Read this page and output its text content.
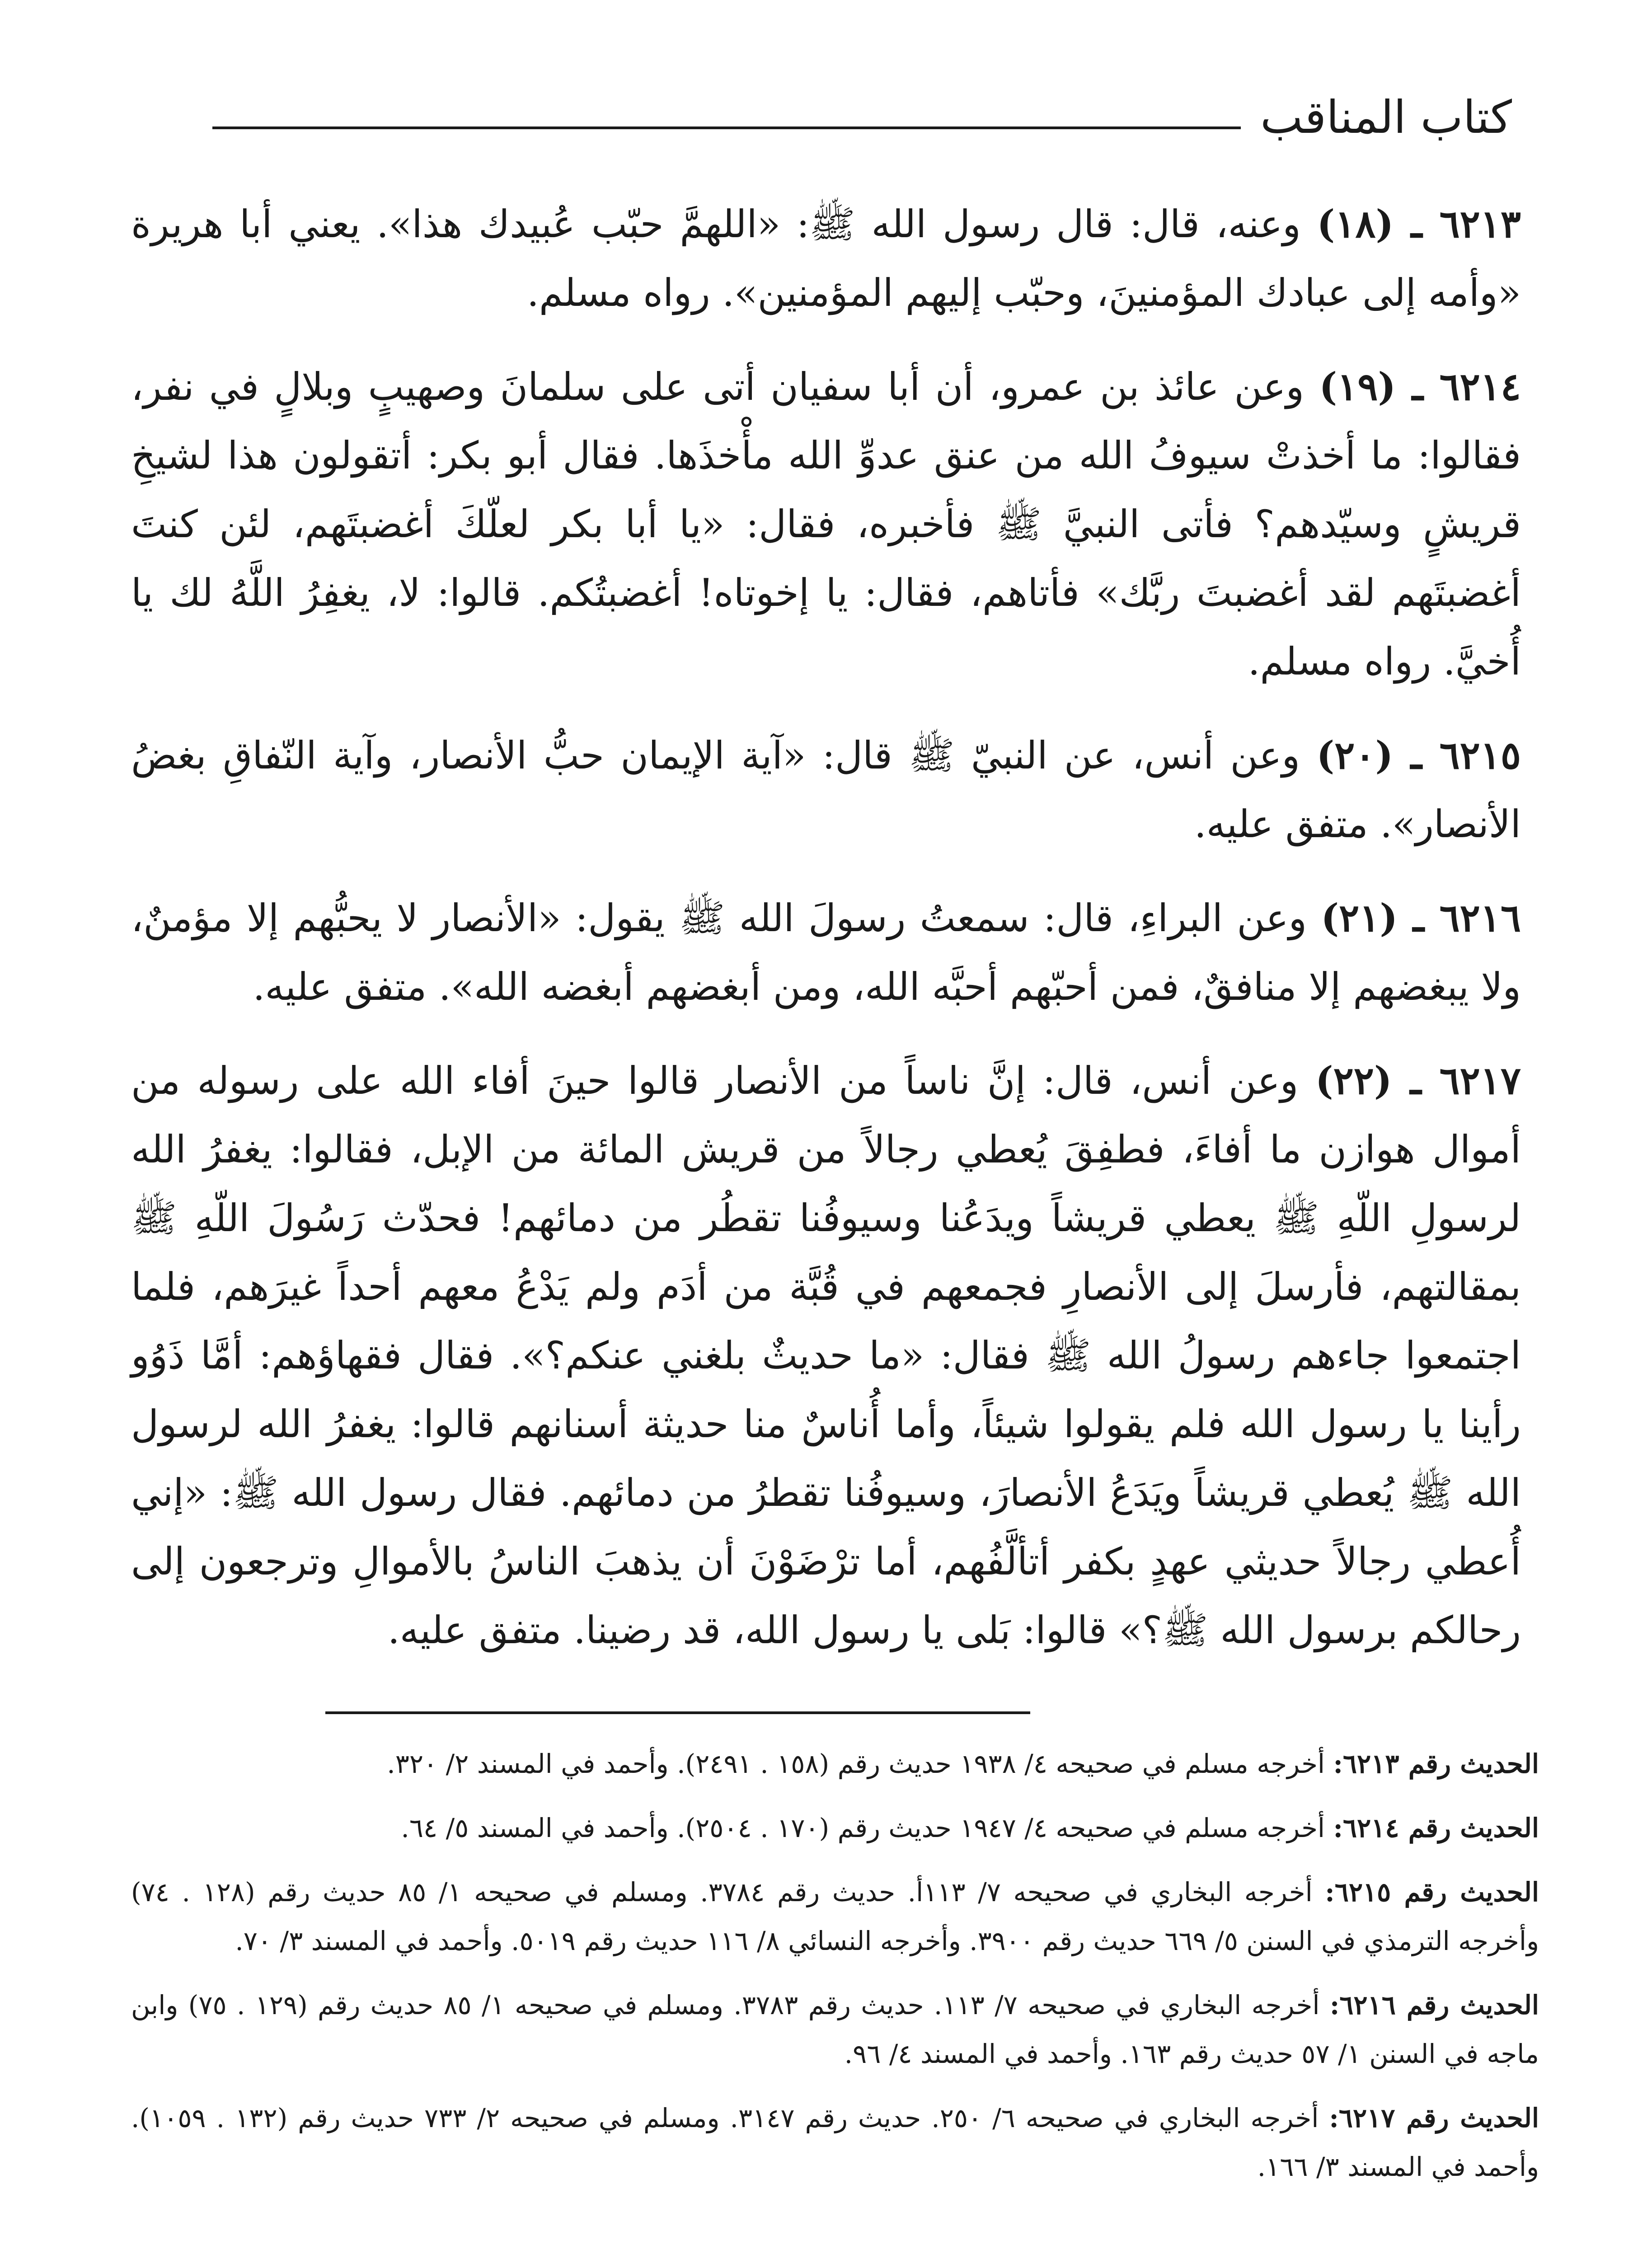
كتاب المناقب

٦٢١٣ ـ (١٨) وعنه، قال: قال رسول الله ﷺ: «اللهمَّ حبّب عُبيدك هذا». يعني أبا هريرة «وأمه إلى عبادك المؤمنينَ، وحبّب إليهم المؤمنين». رواه مسلم.

٦٢١٤ ـ (١٩) وعن عائذ بن عمرو، أن أبا سفيان أتى على سلمانَ وصهيبٍ وبلالٍ في نفر، فقالوا: ما أخذتْ سيوفُ الله من عنق عدوِّ الله مأْخذَها. فقال أبو بكر: أتقولون هذا لشيخِ قريشٍ وسيّدهم؟ فأتى النبيَّ ﷺ فأخبره، فقال: «يا أبا بكر لعلّكَ أغضبتَهم، لئن كنتَ أغضبتَهم لقد أغضبتَ ربَّك» فأتاهم، فقال: يا إخوتاه! أغضبتُكم. قالوا: لا، يغفِرُ اللَّهُ لك يا أُخيَّ. رواه مسلم.

٦٢١٥ ـ (٢٠) وعن أنس، عن النبيّ ﷺ قال: «آية الإيمان حبُّ الأنصار، وآية النّفاقِ بغضُ الأنصار». متفق عليه.

٦٢١٦ ـ (٢١) وعن البراءِ، قال: سمعتُ رسولَ الله ﷺ يقول: «الأنصار لا يحبُّهم إلا مؤمنٌ، ولا يبغضهم إلا منافقٌ، فمن أحبّهم أحبَّه الله، ومن أبغضهم أبغضه الله». متفق عليه.

٦٢١٧ ـ (٢٢) وعن أنس، قال: إنَّ ناساً من الأنصار قالوا حينَ أفاء الله على رسوله من أموال هوازن ما أفاءَ، فطفِقَ يُعطي رجالاً من قريش المائة من الإبل، فقالوا: يغفرُ الله لرسولِ اللّهِ ﷺ يعطي قريشاً ويدَعُنا وسيوفُنا تقطُر من دمائهم! فحدّث رَسُولَ اللّهِ ﷺ بمقالتهم، فأرسلَ إلى الأنصارِ فجمعهم في قُبَّة من أدَم ولم يَدْعُ معهم أحداً غيرَهم، فلما اجتمعوا جاءهم رسولُ الله ﷺ فقال: «ما حديثٌ بلغني عنكم؟». فقال فقهاؤهم: أمَّا ذَوُو رأينا يا رسول الله فلم يقولوا شيئاً، وأما أُناسٌ منا حديثة أسنانهم قالوا: يغفرُ الله لرسول الله ﷺ يُعطي قريشاً ويَدَعُ الأنصارَ، وسيوفُنا تقطرُ من دمائهم. فقال رسول الله ﷺ: «إني أُعطي رجالاً حديثي عهدٍ بكفر أتألَّفُهم، أما ترْضَوْنَ أن يذهبَ الناسُ بالأموالِ وترجعون إلى رحالكم برسول الله ﷺ؟» قالوا: بَلى يا رسول الله، قد رضينا. متفق عليه.

الحديث رقم ٦٢١٣: أخرجه مسلم في صحيحه ٤/ ١٩٣٨ حديث رقم (١٥٨ . ٢٤٩١). وأحمد في المسند ٢/ ٣٢٠.

الحديث رقم ٦٢١٤: أخرجه مسلم في صحيحه ٤/ ١٩٤٧ حديث رقم (١٧٠ . ٢٥٠٤). وأحمد في المسند ٥/ ٦٤.

الحديث رقم ٦٢١٥: أخرجه البخاري في صحيحه ٧/ ١١٣أ. حديث رقم ٣٧٨٤. ومسلم في صحيحه ١/ ٨٥ حديث رقم (١٢٨ . ٧٤) وأخرجه الترمذي في السنن ٥/ ٦٦٩ حديث رقم ٣٩٠٠. وأخرجه النسائي ٨/ ١١٦ حديث رقم ٥٠١٩. وأحمد في المسند ٣/ ٧٠.

الحديث رقم ٦٢١٦: أخرجه البخاري في صحيحه ٧/ ١١٣. حديث رقم ٣٧٨٣. ومسلم في صحيحه ١/ ٨٥ حديث رقم (١٢٩ . ٧٥) وابن ماجه في السنن ١/ ٥٧ حديث رقم ١٦٣. وأحمد في المسند ٤/ ٩٦.

الحديث رقم ٦٢١٧: أخرجه البخاري في صحيحه ٦/ ٢٥٠. حديث رقم ٣١٤٧. ومسلم في صحيحه ٢/ ٧٣٣ حديث رقم (١٣٢ . ١٠٥٩). وأحمد في المسند ٣/ ١٦٦.
